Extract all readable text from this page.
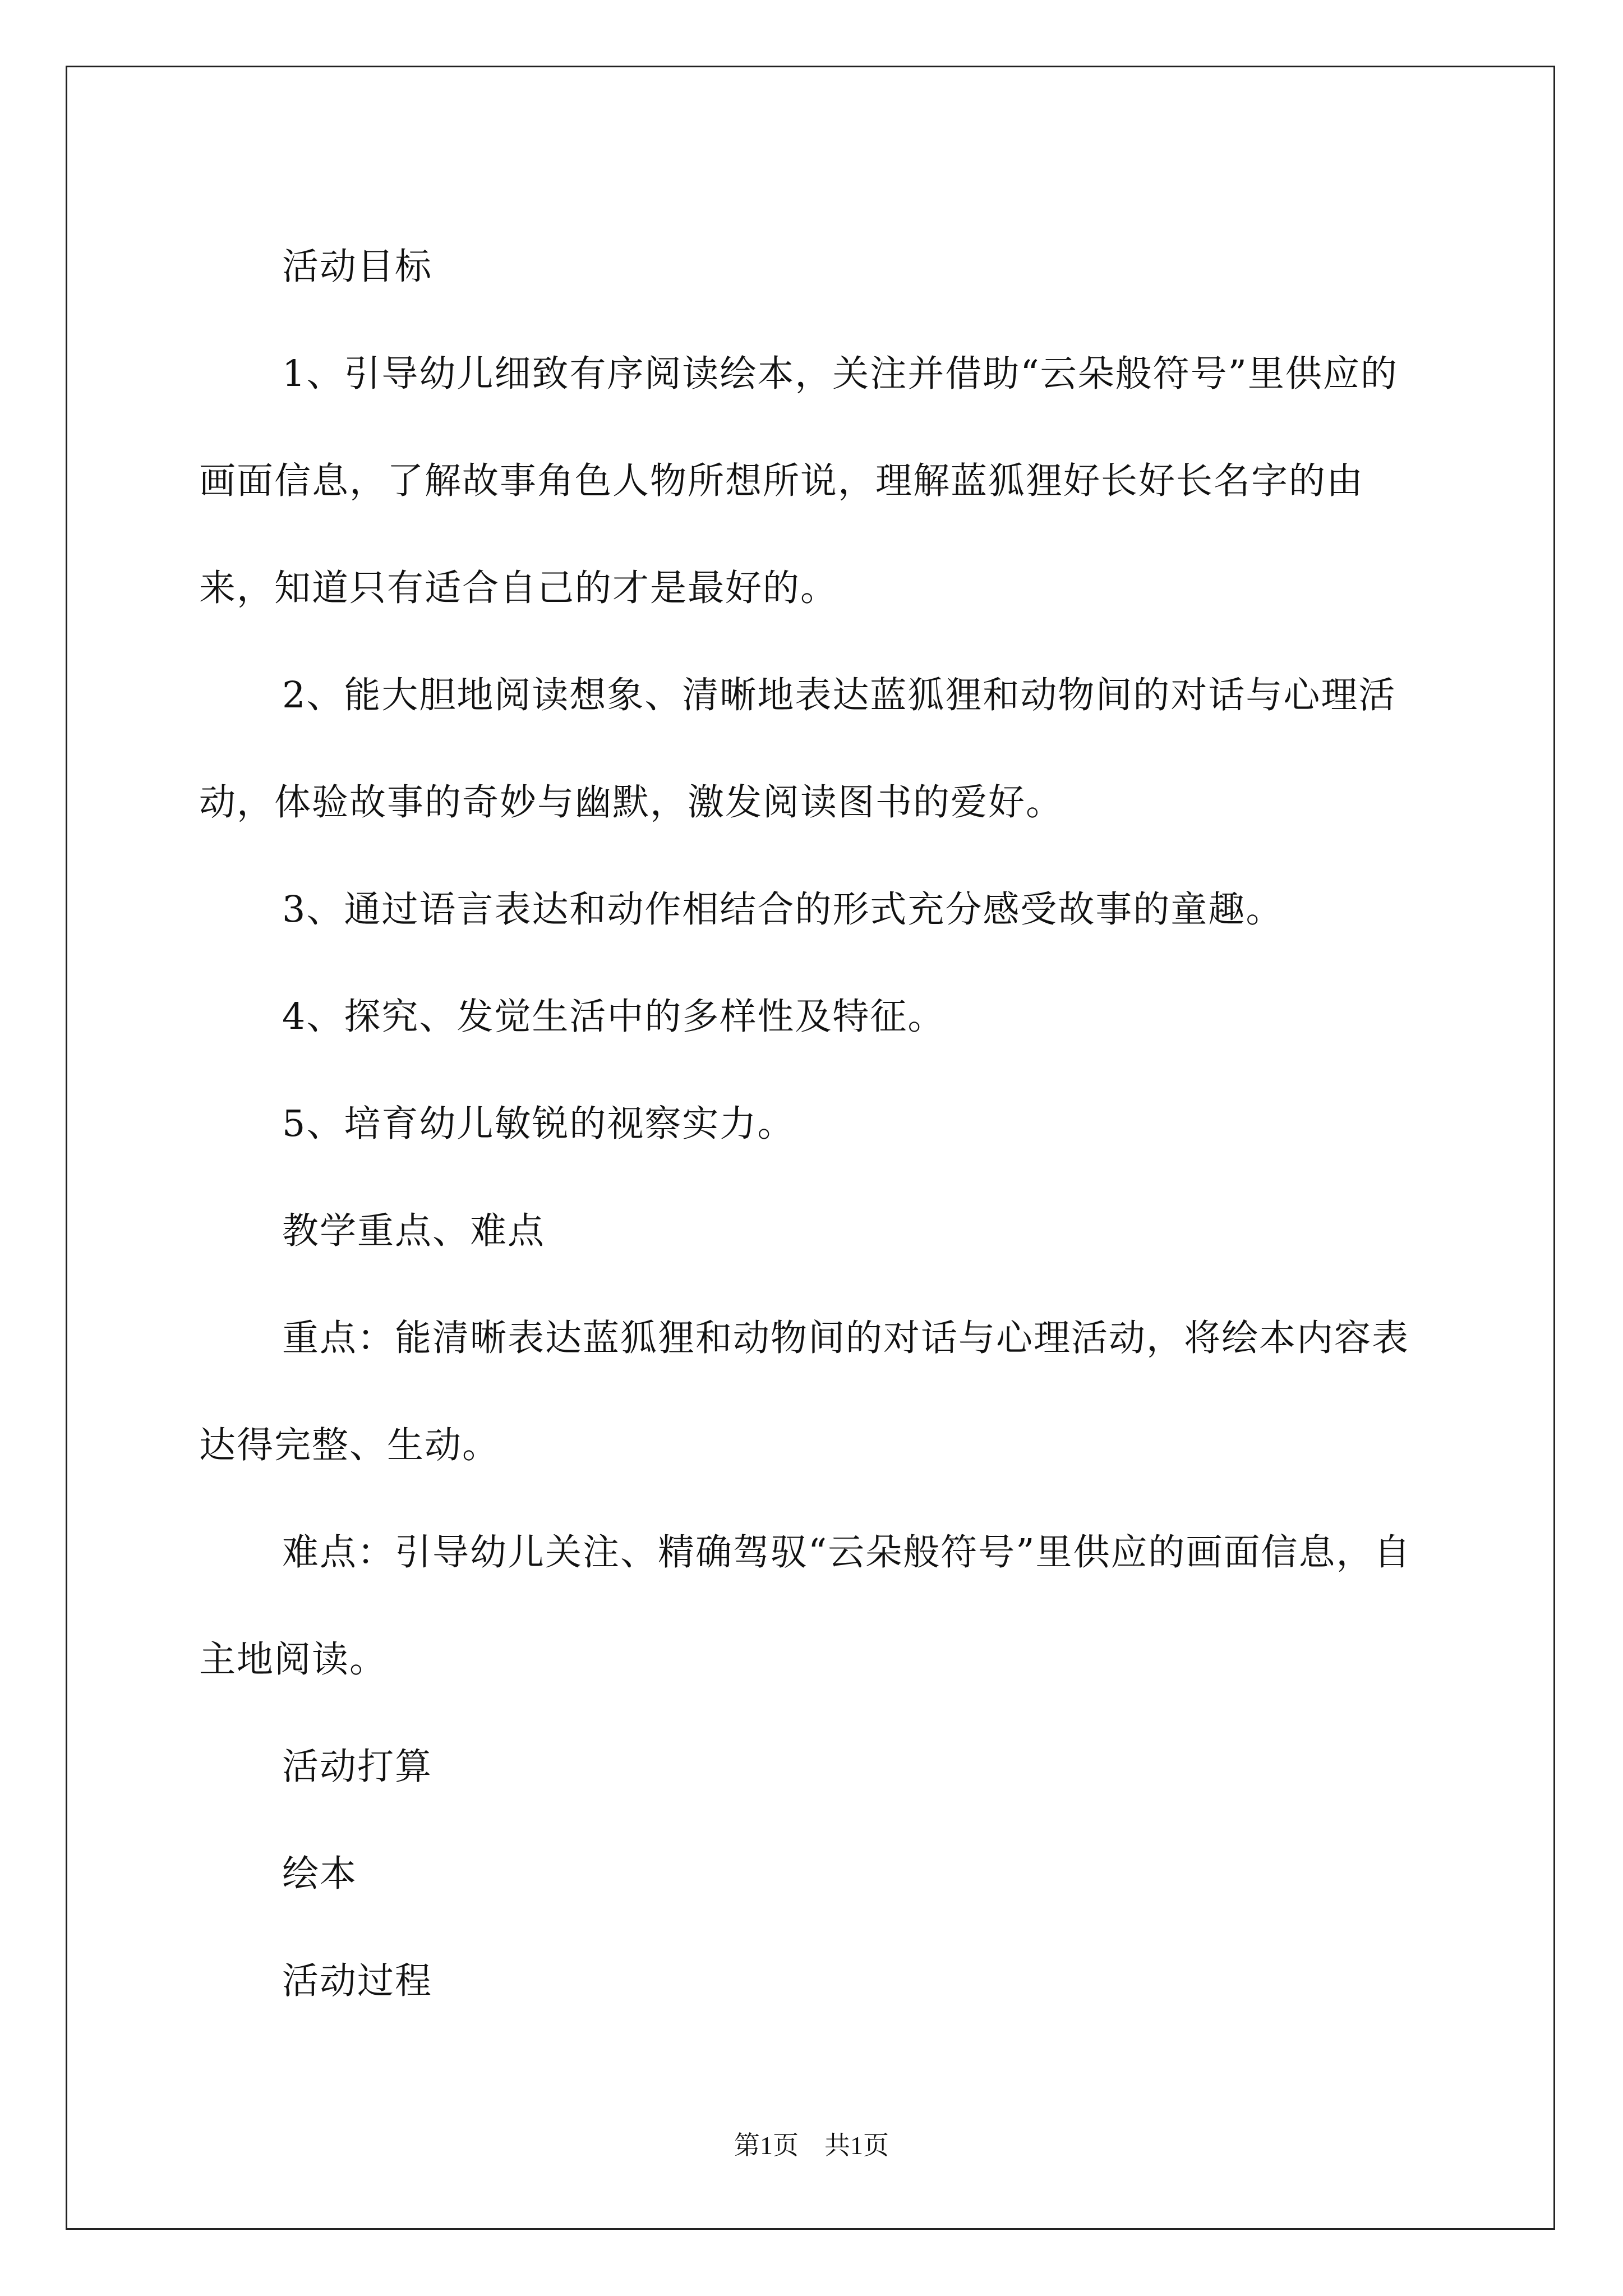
活动目标

1、引导幼儿细致有序阅读绘本，关注并借助“云朵般符号”里供应的画面信息，了解故事角色人物所想所说，理解蓝狐狸好长好长名字的由来，知道只有适合自己的才是最好的。

2、能大胆地阅读想象、清晰地表达蓝狐狸和动物间的对话与心理活动，体验故事的奇妙与幽默，激发阅读图书的爱好。

3、通过语言表达和动作相结合的形式充分感受故事的童趣。

4、探究、发觉生活中的多样性及特征。

5、培育幼儿敏锐的视察实力。

教学重点、难点

重点：能清晰表达蓝狐狸和动物间的对话与心理活动，将绘本内容表达得完整、生动。

难点：引导幼儿关注、精确驾驭“云朵般符号”里供应的画面信息，自主地阅读。

活动打算

绘本

活动过程

第1页　共1页
